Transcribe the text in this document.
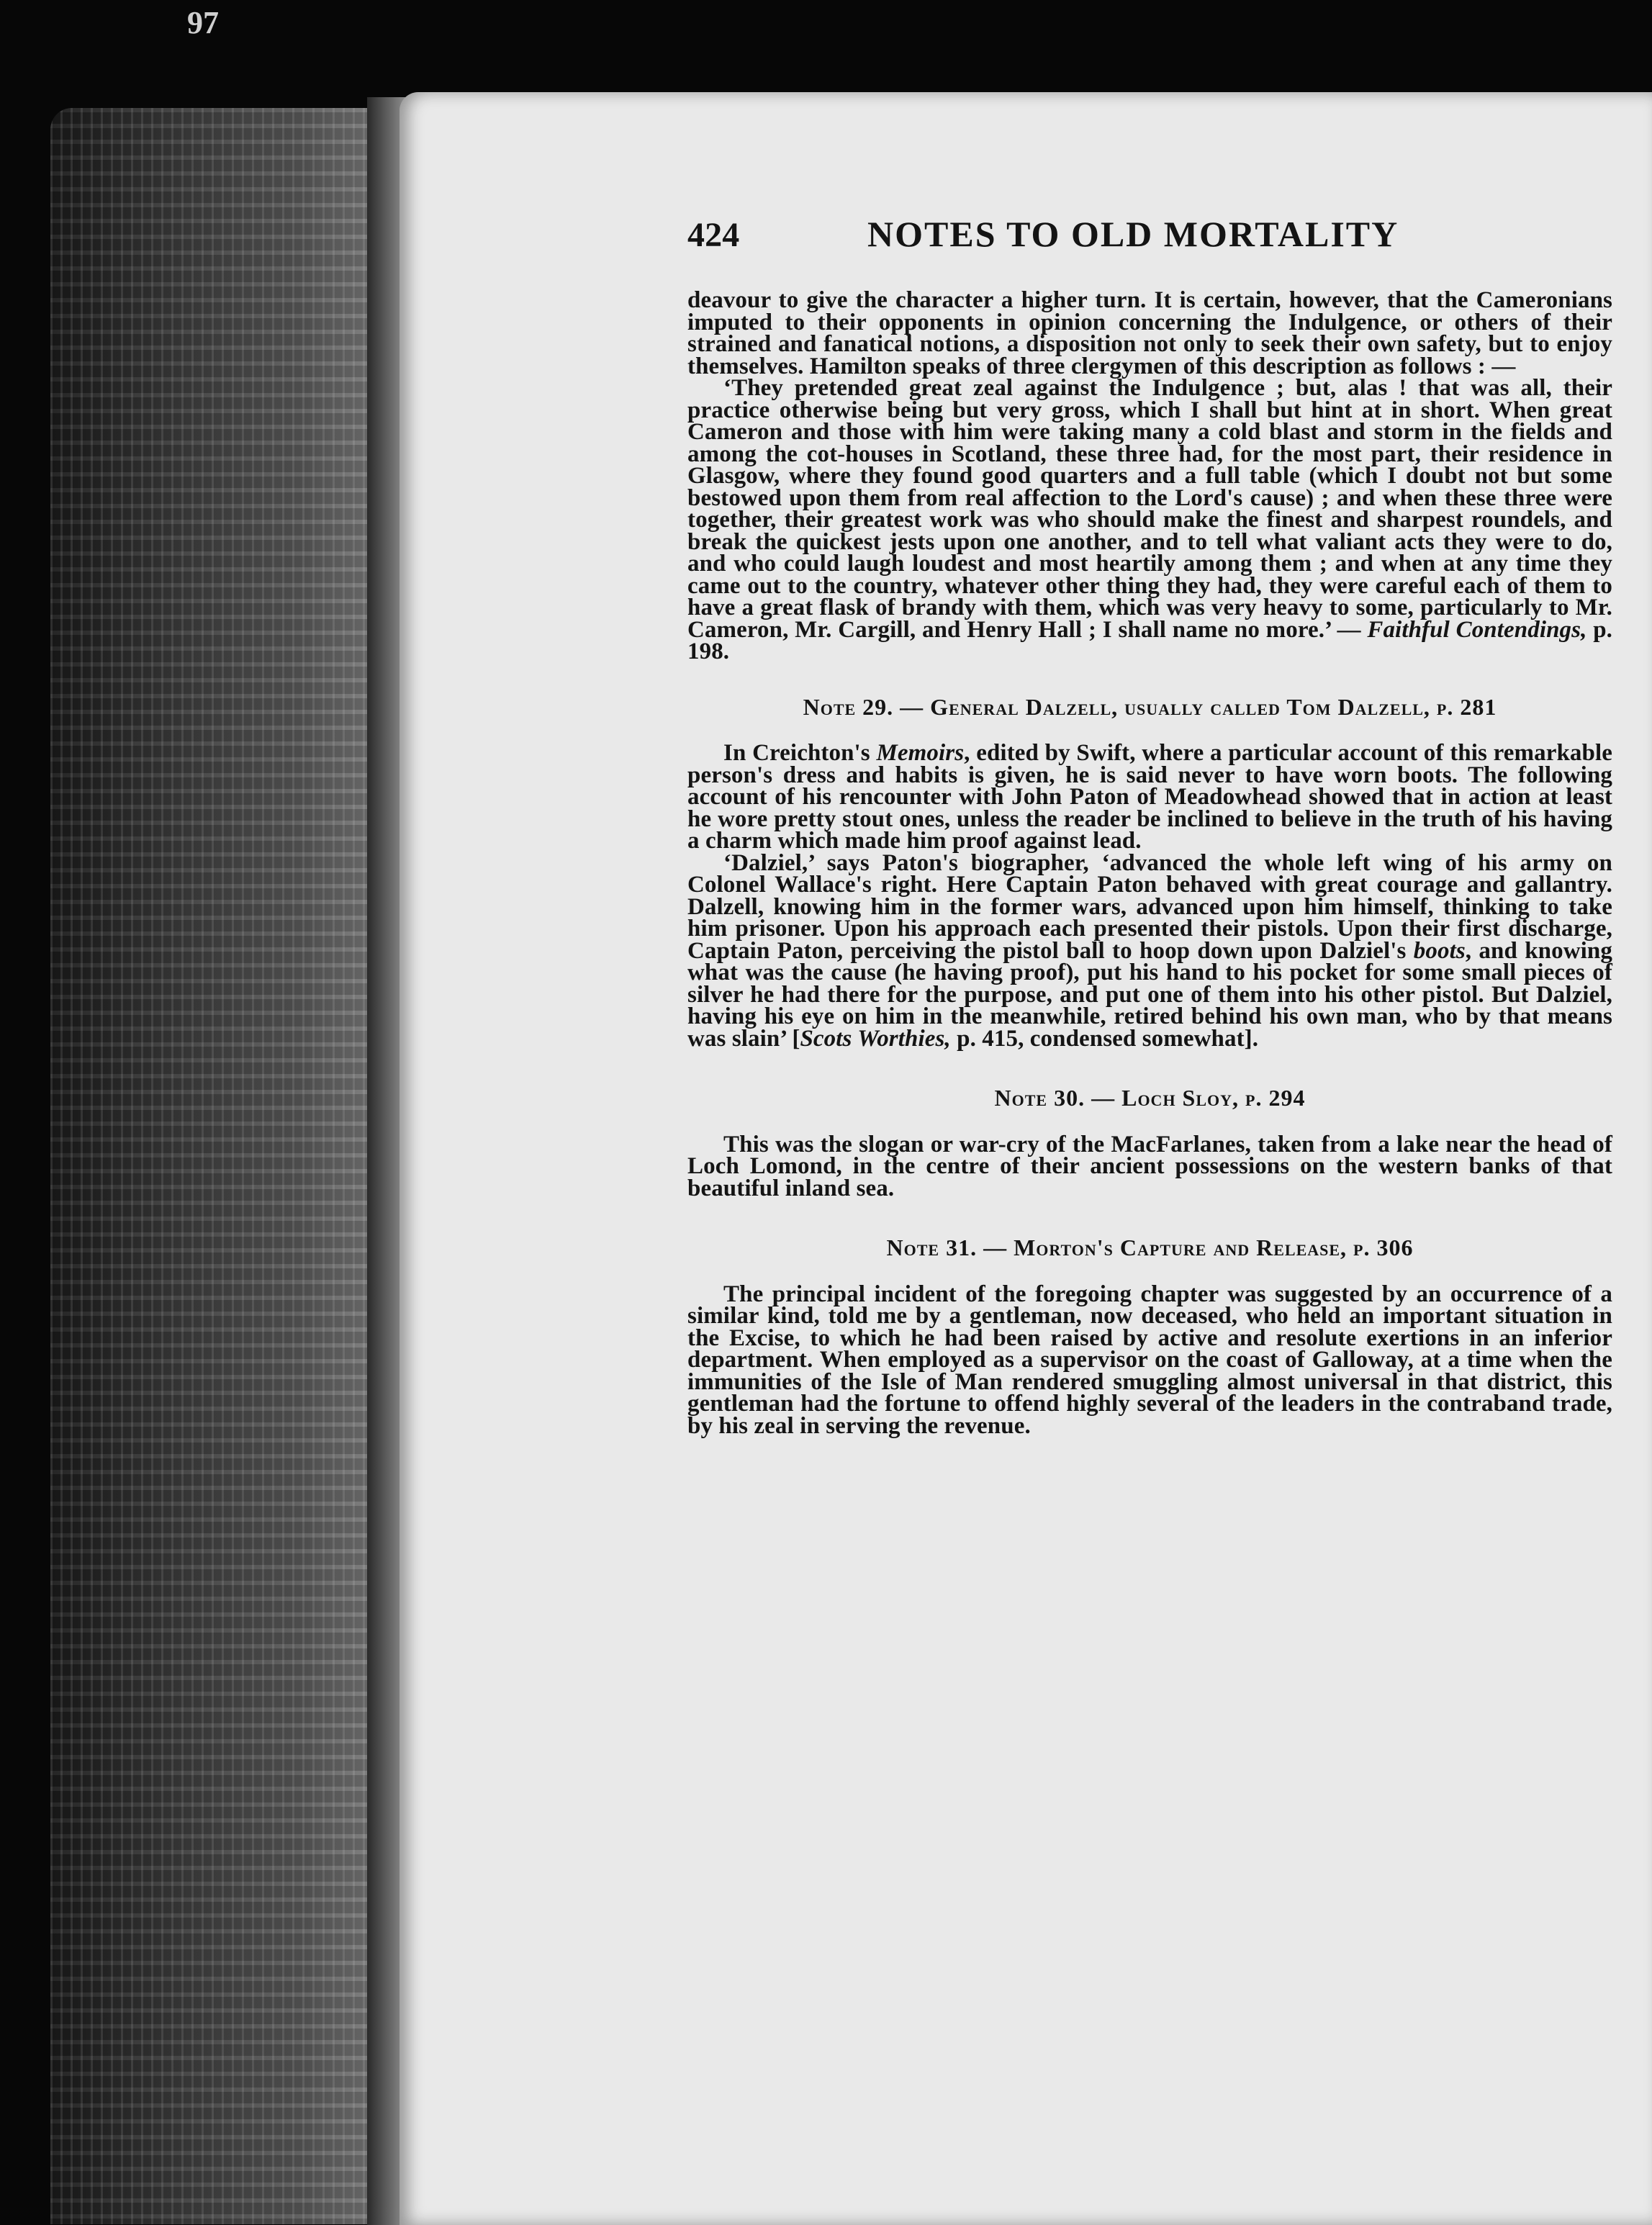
97
424	NOTES TO OLD MORTALITY

deavour to give the character a higher turn. It is certain, however, that the Cameronians imputed to their opponents in opinion concerning the Indulgence, or others of their strained and fanatical notions, a disposition not only to seek their own safety, but to enjoy themselves. Hamilton speaks of three clergymen of this description as follows : —

‘They pretended great zeal against the Indulgence ; but, alas ! that was all, their practice otherwise being but very gross, which I shall but hint at in short. When great Cameron and those with him were taking many a cold blast and storm in the fields and among the cot-houses in Scotland, these three had, for the most part, their residence in Glasgow, where they found good quarters and a full table (which I doubt not but some bestowed upon them from real affection to the Lord's cause) ; and when these three were together, their greatest work was who should make the finest and sharpest roundels, and break the quickest jests upon one another, and to tell what valiant acts they were to do, and who could laugh loudest and most heartily among them ; and when at any time they came out to the country, whatever other thing they had, they were careful each of them to have a great flask of brandy with them, which was very heavy to some, particularly to Mr. Cameron, Mr. Cargill, and Henry Hall ; I shall name no more.’ — Faithful Contendings, p. 198.

Note 29. — General Dalzell, usually called Tom Dalzell, p. 281

In Creichton's Memoirs, edited by Swift, where a particular account of this remarkable person's dress and habits is given, he is said never to have worn boots. The following account of his rencounter with John Paton of Meadowhead showed that in action at least he wore pretty stout ones, unless the reader be inclined to believe in the truth of his having a charm which made him proof against lead.

‘Dalziel,’ says Paton's biographer, ‘advanced the whole left wing of his army on Colonel Wallace's right. Here Captain Paton behaved with great courage and gallantry. Dalzell, knowing him in the former wars, advanced upon him himself, thinking to take him prisoner. Upon his approach each presented their pistols. Upon their first discharge, Captain Paton, perceiving the pistol ball to hoop down upon Dalziel's boots, and knowing what was the cause (he having proof), put his hand to his pocket for some small pieces of silver he had there for the purpose, and put one of them into his other pistol. But Dalziel, having his eye on him in the meanwhile, retired behind his own man, who by that means was slain’ [Scots Worthies, p. 415, condensed somewhat].

Note 30. — Loch Sloy, p. 294

This was the slogan or war-cry of the MacFarlanes, taken from a lake near the head of Loch Lomond, in the centre of their ancient possessions on the western banks of that beautiful inland sea.

Note 31. — Morton's Capture and Release, p. 306

The principal incident of the foregoing chapter was suggested by an occurrence of a similar kind, told me by a gentleman, now deceased, who held an important situation in the Excise, to which he had been raised by active and resolute exertions in an inferior department. When employed as a supervisor on the coast of Galloway, at a time when the immunities of the Isle of Man rendered smuggling almost universal in that district, this gentleman had the fortune to offend highly several of the leaders in the contraband trade, by his zeal in serving the revenue.
